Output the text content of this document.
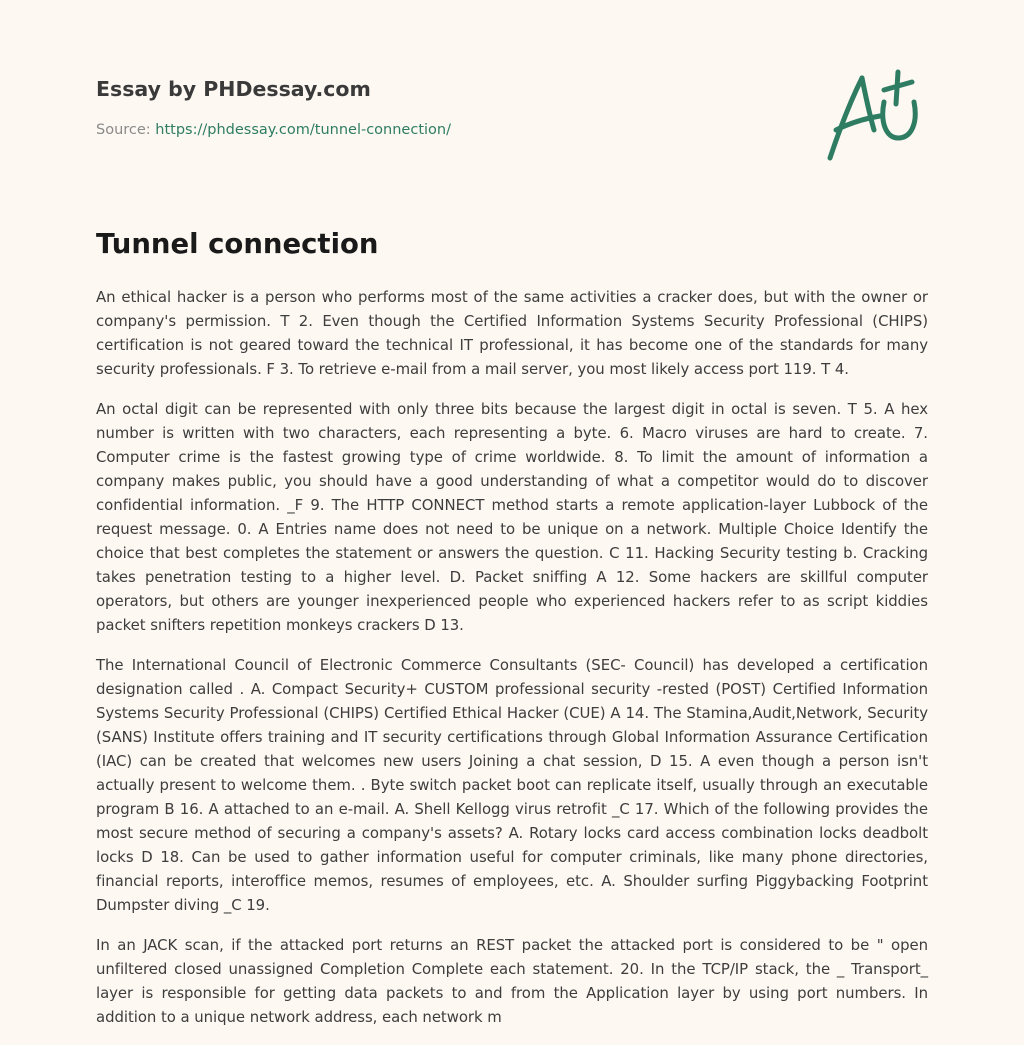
Essay by PHDessay.com
Source: https://phdessay.com/tunnel-connection/
Tunnel connection

An ethical hacker is a person who performs most of the same activities a cracker does, but with the owner or company's permission. T 2. Even though the Certified Information Systems Security Professional (CHIPS) certification is not geared toward the technical IT professional, it has become one of the standards for many security professionals. F 3. To retrieve e-mail from a mail server, you most likely access port 119. T 4.

An octal digit can be represented with only three bits because the largest digit in octal is seven. T 5. A hex number is written with two characters, each representing a byte. 6. Macro viruses are hard to create. 7. Computer crime is the fastest growing type of crime worldwide. 8. To limit the amount of information a company makes public, you should have a good understanding of what a competitor would do to discover confidential information. _F 9. The HTTP CONNECT method starts a remote application-layer Lubbock of the request message. 0. A Entries name does not need to be unique on a network. Multiple Choice Identify the choice that best completes the statement or answers the question. C 11. Hacking Security testing b. Cracking takes penetration testing to a higher level. D. Packet sniffing A 12. Some hackers are skillful computer operators, but others are younger inexperienced people who experienced hackers refer to as script kiddies packet snifters repetition monkeys crackers D 13.

The International Council of Electronic Commerce Consultants (SEC- Council) has developed a certification designation called . A. Compact Security+ CUSTOM professional security -rested (POST) Certified Information Systems Security Professional (CHIPS) Certified Ethical Hacker (CUE) A 14. The Stamina,Audit,Network, Security (SANS) Institute offers training and IT security certifications through Global Information Assurance Certification (IAC) can be created that welcomes new users Joining a chat session, D 15. A even though a person isn't actually present to welcome them. . Byte switch packet boot can replicate itself, usually through an executable program B 16. A attached to an e-mail. A. Shell Kellogg virus retrofit _C 17. Which of the following provides the most secure method of securing a company's assets? A. Rotary locks card access combination locks deadbolt locks D 18. Can be used to gather information useful for computer criminals, like many phone directories, financial reports, interoffice memos, resumes of employees, etc. A. Shoulder surfing Piggybacking Footprint Dumpster diving _C 19.

In an JACK scan, if the attacked port returns an REST packet the attacked port is considered to be " open unfiltered closed unassigned Completion Complete each statement. 20. In the TCP/IP stack, the _ Transport_ layer is responsible for getting data packets to and from the Application layer by using port numbers. In addition to a unique network address, each network m
